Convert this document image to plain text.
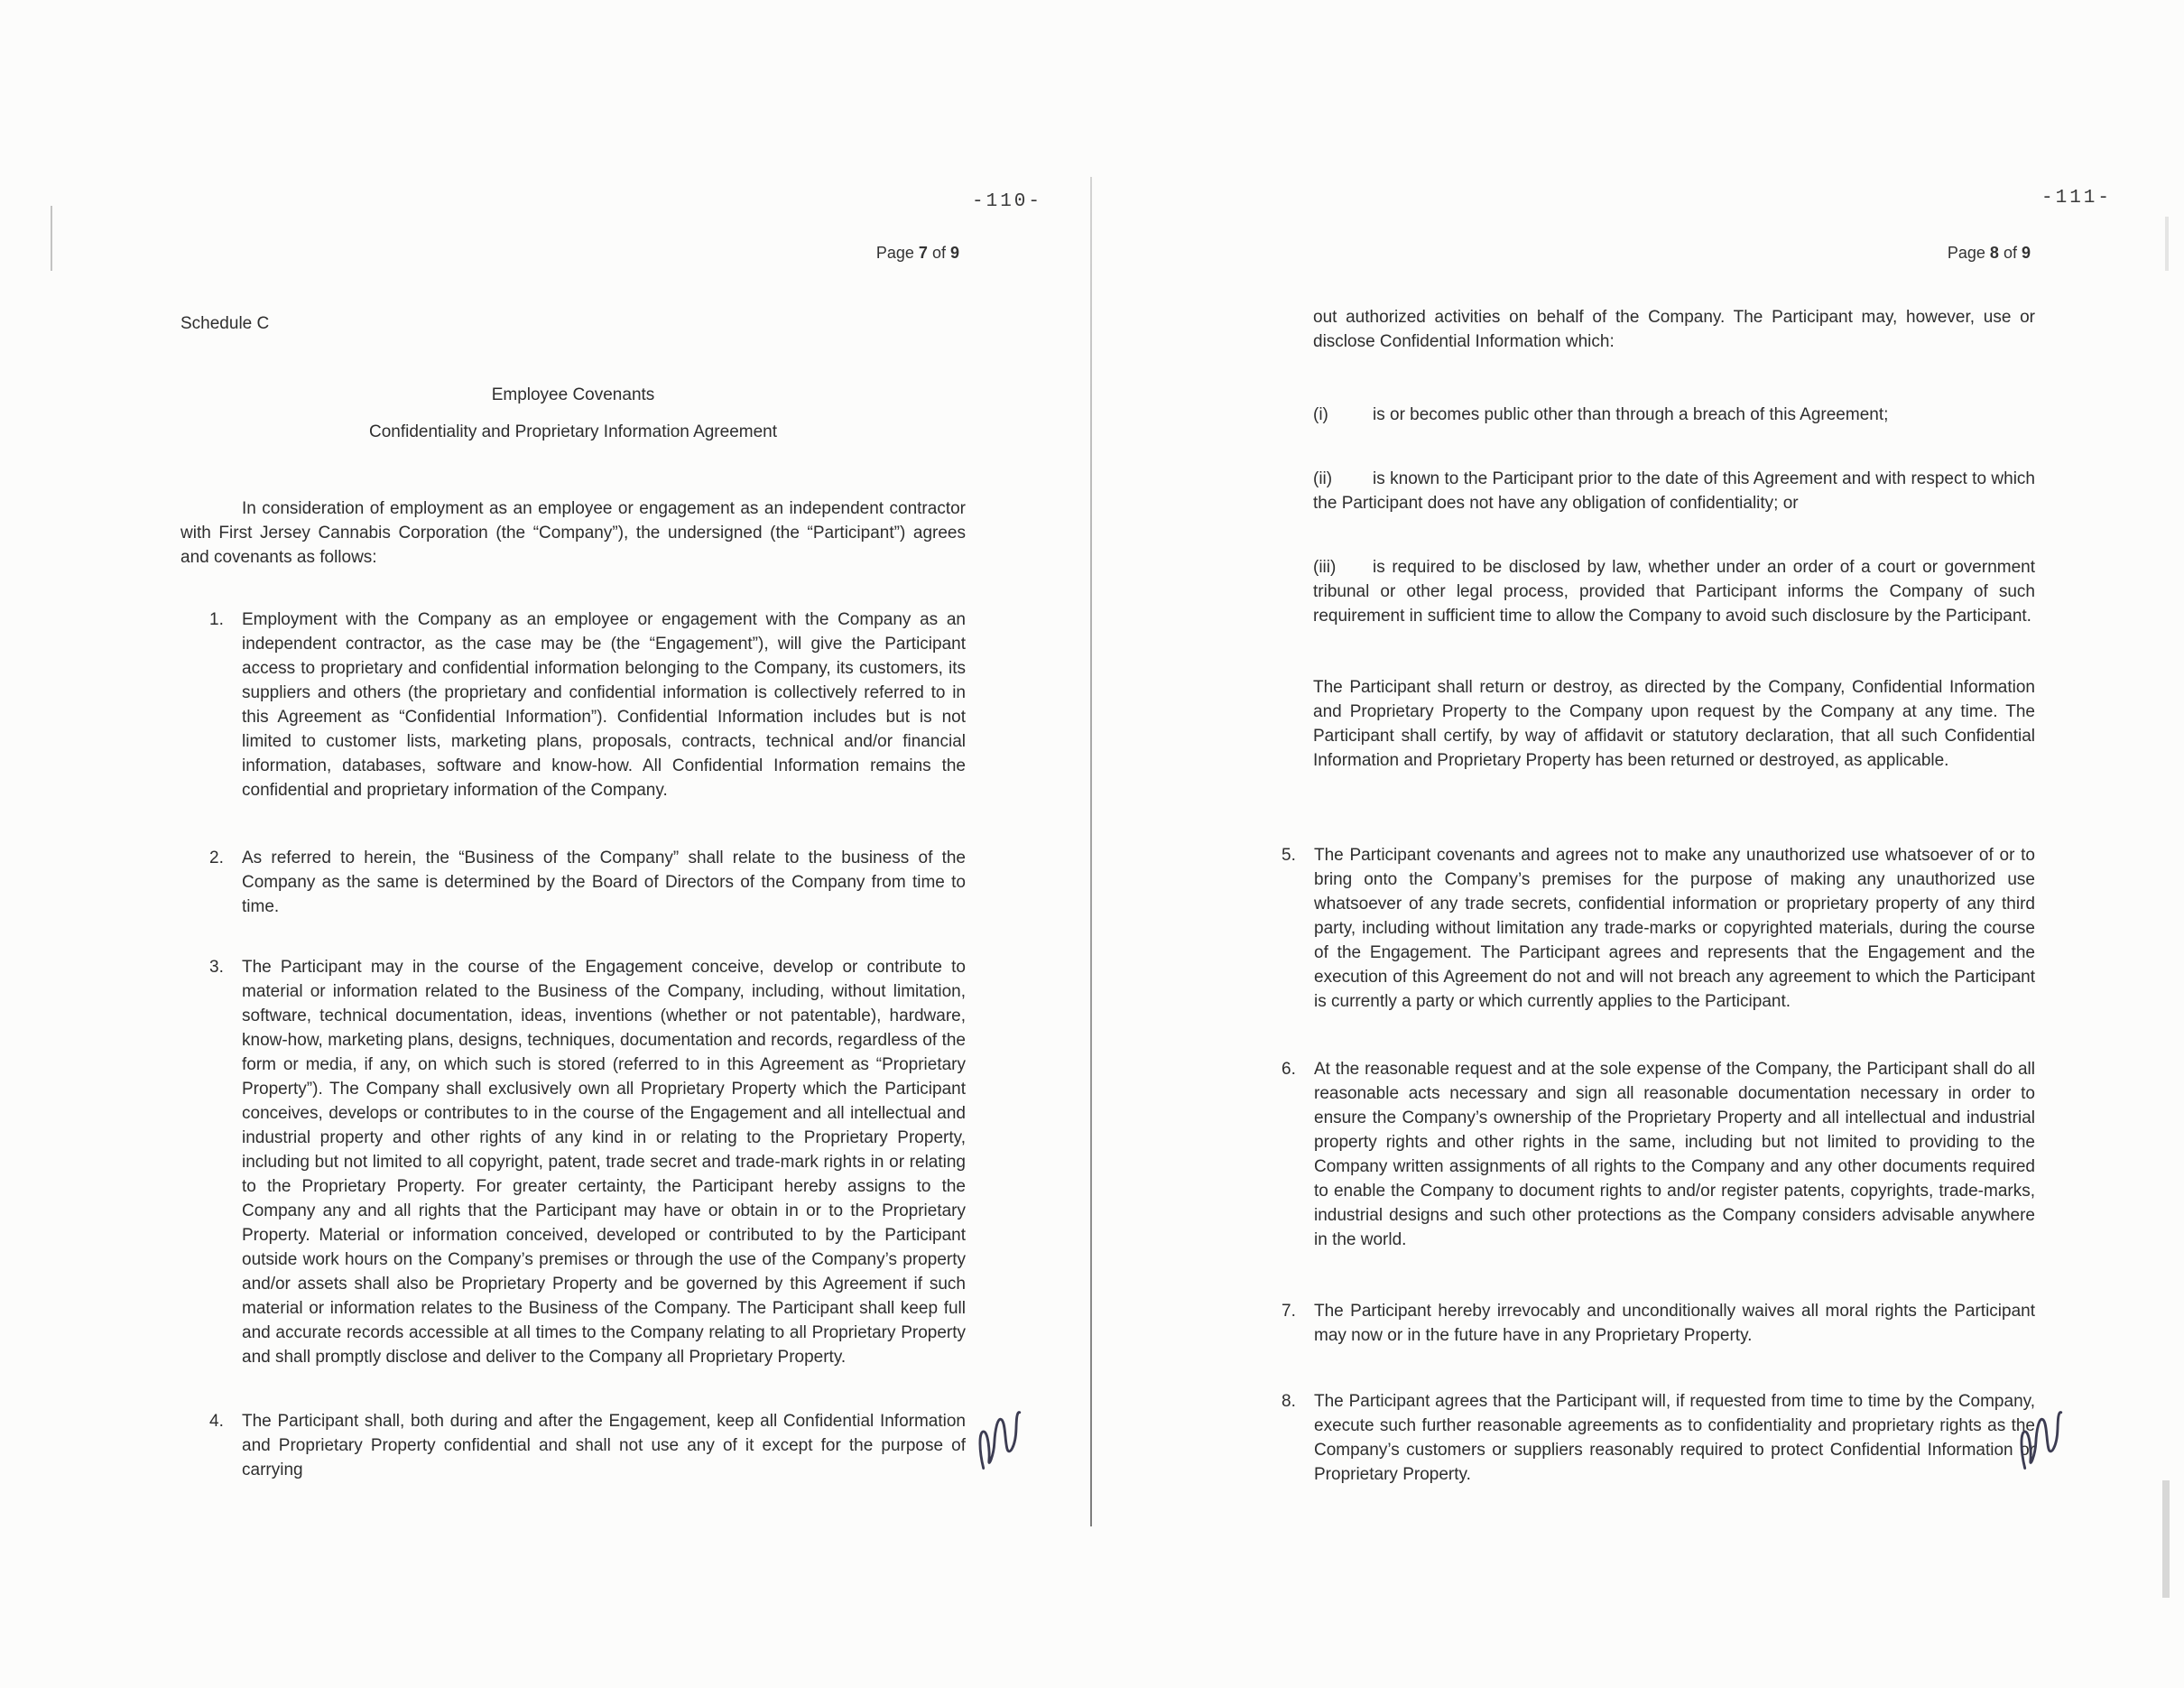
-110-
Page 7 of 9

Schedule C

Employee Covenants
Confidentiality and Proprietary Information Agreement

In consideration of employment as an employee or engagement as an independent contractor with First Jersey Cannabis Corporation (the “Company”), the undersigned (the “Participant”) agrees and covenants as follows:

1.	Employment with the Company as an employee or engagement with the Company as an independent contractor, as the case may be (the “Engagement”), will give the Participant access to proprietary and confidential information belonging to the Company, its customers, its suppliers and others (the proprietary and confidential information is collectively referred to in this Agreement as “Confidential Information”). Confidential Information includes but is not limited to customer lists, marketing plans, proposals, contracts, technical and/or financial information, databases, software and know-how. All Confidential Information remains the confidential and proprietary information of the Company.

2.	As referred to herein, the “Business of the Company” shall relate to the business of the Company as the same is determined by the Board of Directors of the Company from time to time.

3.	The Participant may in the course of the Engagement conceive, develop or contribute to material or information related to the Business of the Company, including, without limitation, software, technical documentation, ideas, inventions (whether or not patentable), hardware, know-how, marketing plans, designs, techniques, documentation and records, regardless of the form or media, if any, on which such is stored (referred to in this Agreement as “Proprietary Property”). The Company shall exclusively own all Proprietary Property which the Participant conceives, develops or contributes to in the course of the Engagement and all intellectual and industrial property and other rights of any kind in or relating to the Proprietary Property, including but not limited to all copyright, patent, trade secret and trade-mark rights in or relating to the Proprietary Property. For greater certainty, the Participant hereby assigns to the Company any and all rights that the Participant may have or obtain in or to the Proprietary Property. Material or information conceived, developed or contributed to by the Participant outside work hours on the Company’s premises or through the use of the Company’s property and/or assets shall also be Proprietary Property and be governed by this Agreement if such material or information relates to the Business of the Company. The Participant shall keep full and accurate records accessible at all times to the Company relating to all Proprietary Property and shall promptly disclose and deliver to the Company all Proprietary Property.

4.	The Participant shall, both during and after the Engagement, keep all Confidential Information and Proprietary Property confidential and shall not use any of it except for the purpose of carrying

-111-
Page 8 of 9

out authorized activities on behalf of the Company. The Participant may, however, use or disclose Confidential Information which:

(i)	is or becomes public other than through a breach of this Agreement;

(ii) is known to the Participant prior to the date of this Agreement and with respect to which the Participant does not have any obligation of confidentiality; or

(iii) is required to be disclosed by law, whether under an order of a court or government tribunal or other legal process, provided that Participant informs the Company of such requirement in sufficient time to allow the Company to avoid such disclosure by the Participant.

The Participant shall return or destroy, as directed by the Company, Confidential Information and Proprietary Property to the Company upon request by the Company at any time. The Participant shall certify, by way of affidavit or statutory declaration, that all such Confidential Information and Proprietary Property has been returned or destroyed, as applicable.

5.	The Participant covenants and agrees not to make any unauthorized use whatsoever of or to bring onto the Company’s premises for the purpose of making any unauthorized use whatsoever of any trade secrets, confidential information or proprietary property of any third party, including without limitation any trade-marks or copyrighted materials, during the course of the Engagement. The Participant agrees and represents that the Engagement and the execution of this Agreement do not and will not breach any agreement to which the Participant is currently a party or which currently applies to the Participant.

6.	At the reasonable request and at the sole expense of the Company, the Participant shall do all reasonable acts necessary and sign all reasonable documentation necessary in order to ensure the Company’s ownership of the Proprietary Property and all intellectual and industrial property rights and other rights in the same, including but not limited to providing to the Company written assignments of all rights to the Company and any other documents required to enable the Company to document rights to and/or register patents, copyrights, trade-marks, industrial designs and such other protections as the Company considers advisable anywhere in the world.

7.	The Participant hereby irrevocably and unconditionally waives all moral rights the Participant may now or in the future have in any Proprietary Property.

8.	The Participant agrees that the Participant will, if requested from time to time by the Company, execute such further reasonable agreements as to confidentiality and proprietary rights as the Company’s customers or suppliers reasonably required to protect Confidential Information or Proprietary Property.
